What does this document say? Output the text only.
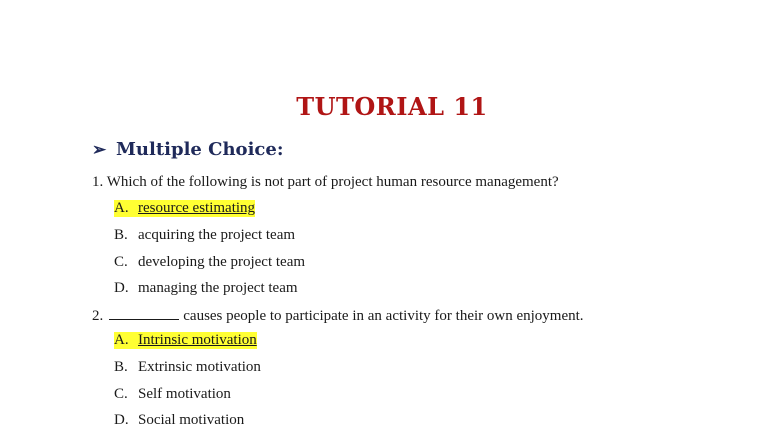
TUTORIAL 11
➢ Multiple Choice:
1. Which of the following is not part of project human resource management?
A. resource estimating
B. acquiring the project team
C. developing the project team
D. managing the project team
2.	causes people to participate in an activity for their own enjoyment.
A. Intrinsic motivation
B. Extrinsic motivation
C. Self motivation
D. Social motivation
